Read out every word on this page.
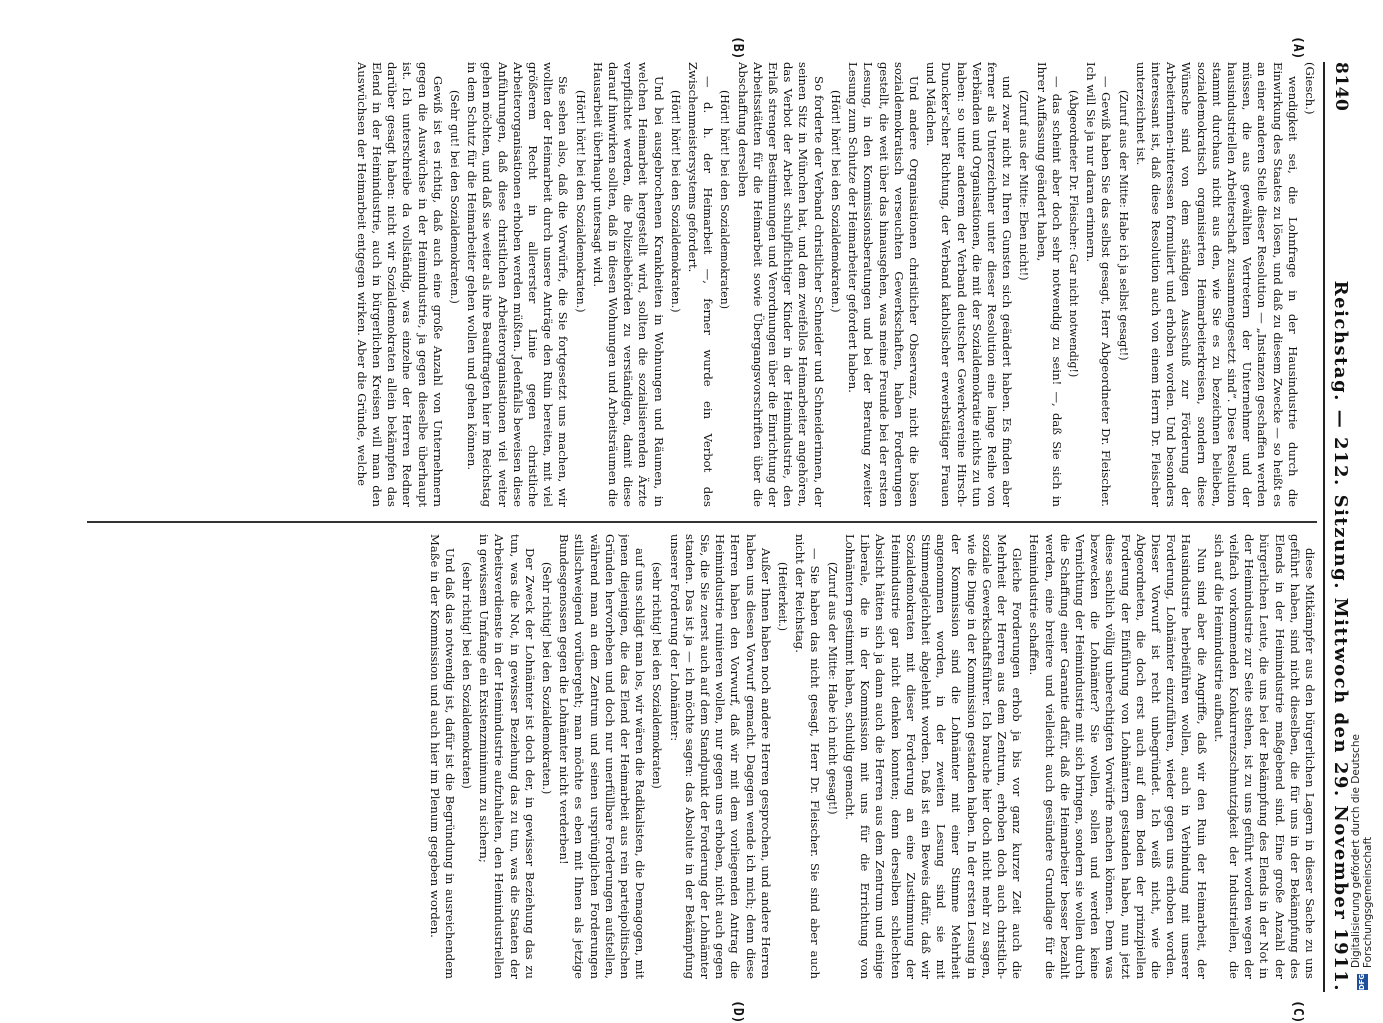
8140
Reichstag. — 212. Sitzung. Mittwoch den 29. November 1911.
(A)
(B)
(C)
(D)

(Giesch.)

wendigkeit sei, die Lohnfrage in der Hausindustrie durch die Einwirkung des Staates zu lösen, und daß zu diesem Zwecke — so heißt es an einer anderen Stelle dieser Resolution — „Instanzen geschaffen werden müssen, die aus gewählten Vertretern der Unternehmer und der hausindustriellen Arbeiterschaft zusammengesetzt sind“. Diese Resolution stammt durchaus nicht aus den, wie Sie es zu bezeichnen belieben, sozialdemokratisch organisierten Heimarbeiterkreisen, sondern diese Wünsche sind von dem ständigen Ausschuß zur Förderung der Arbeiterinnen-interessen formuliert und erhoben worden. Und besonders interessant ist, daß diese Resolution auch von einem Herrn Dr. Fleischer unterzeichnet ist.

(Zuruf aus der Mitte: Habe ich ja selbst gesagt!)

— Gewiß haben Sie das selbst gesagt, Herr Abgeordneter Dr. Fleischer. Ich will Sie ja nur daran erinnern.

(Abgeordneter Dr. Fleischer: Gar nicht notwendig!)

— das scheint aber doch sehr notwendig zu sein! —, daß Sie sich in Ihrer Auffassung geändert haben,

(Zuruf aus der Mitte: Eben nicht!)

und zwar nicht zu Ihren Gunsten sich geändert haben. Es finden aber ferner als Unterzeichner unter dieser Resolution eine lange Reihe von Verbänden und Organisationen, die mit der Sozialdemokratie nichts zu tun haben: so unter anderem der Verband deutscher Gewerkvereine Hirsch-Duncker'scher Richtung, der Verband katholischer erwerbstätiger Frauen und Mädchen.

Und andere Organisationen christlicher Observanz, nicht die bösen sozialdemokratisch verseuchten Gewerkschaften, haben Forderungen gestellt, die weit über das hinausgehen, was meine Freunde bei der ersten Lesung, in den Kommissionsberatungen und bei der Beratung zweiter Lesung zum Schutze der Heimarbeiter gefordert haben.

(Hört! hört! bei den Sozialdemokraten.)

So forderte der Verband christlicher Schneider und Schneiderinnen, der seinen Sitz in München hat, und dem zweifellos Heimarbeiter angehören, das Verbot der Arbeit schulpflichtiger Kinder in der Heimindustrie, den Erlaß strenger Bestimmungen und Verordnungen über die Einrichtung der Arbeitsstätten für die Heimarbeit sowie Übergangsvorschriften über die Abschaffung derselben

(Hört! hört! bei den Sozialdemokraten)

— d. h. der Heimarbeit —, ferner wurde ein Verbot des Zwischenmeistersystems gefordert.

(Hört! hört! bei den Sozialdemokraten.)

Und bei ausgebrochenen Krankheiten in Wohnungen und Räumen, in welchen Heimarbeit hergestellt wird, sollten die sozialisierenden Ärzte verpflichtet werden, die Polizeibehörden zu verständigen, damit diese darauf hinwirken sollten, daß in diesen Wohnungen und Arbeitsräumen die Hausarbeit überhaupt untersagt wird.

(Hört! hört! bei den Sozialdemokraten.)

Sie sehen also, daß die Vorwürfe, die Sie fortgesetzt uns machen, wir wollten der Heimarbeit durch unsere Anträge den Ruin bereiten, mit viel größerem Recht in allererster Linie gegen christliche Arbeiterorganisationen erhoben werden müßten. Jedenfalls beweisen diese Anführungen, daß diese christlichen Arbeiterorganisationen viel weiter gehen möchten, und daß sie weiter als ihre Beauftragten hier im Reichstag in dem Schutz für die Heimarbeiter gehen wollen und gehen können.

(Sehr gut! bei den Sozialdemokraten.)

Gewiß ist es richtig, daß auch eine große Anzahl von Unternehmern gegen die Auswüchse in der Heimindustrie, ja gegen dieselbe überhaupt ist. Ich unterschreibe da vollständig, was einzelne der Herren Redner darüber gesagt haben: nicht wir Sozialdemokraten allein bekämpfen das Elend in der Heimindustrie, auch in bürgerlichen Kreisen will man den Auswüchsen der Heimarbeit entgegen wirken. Aber die Gründe, welche

diese Mitkämpfer aus den bürgerlichen Lagern in dieser Sache zu uns geführt haben, sind nicht dieselben, die für uns in der Bekämpfung des Elends in der Heimindustrie maßgebend sind. Eine große Anzahl der bürgerlichen Leute, die uns bei der Bekämpfung des Elends in der Not in der Heimindustrie zur Seite stehen, ist zu uns geführt worden wegen der vielfach vorkommenden Konkurrenzschmutzigkeit der Industriellen, die sich auf die Heimindustrie aufbaut.

Nun sind aber die Angriffe, daß wir den Ruin der Heimarbeit, der Hausindustrie herbeiführen wollen, auch in Verbindung mit unserer Forderung, Lohnämter einzuführen, wieder gegen uns erhoben worden. Dieser Vorwurf ist recht unbegründet. Ich weiß nicht, wie die Abgeordneten, die doch erst auch auf dem Boden der prinzipiellen Forderung der Einführung von Lohnämtern gestanden haben, nun jetzt diese sachlich völlig unberechtigten Vorwürfe machen können. Denn was bezwecken die Lohnämter? Sie wollen, sollen und werden keine Vernichtung der Heimindustrie mit sich bringen, sondern sie wollen durch die Schaffung einer Garantie dafür, daß die Heimarbeiter besser bezahlt werden, eine breitere und vielleicht auch gesündere Grundlage für die Heimindustrie schaffen.

Gleiche Forderungen erhob ja bis vor ganz kurzer Zeit auch die Mehrheit der Herren aus dem Zentrum, erhoben doch auch christlich-soziale Gewerkschaftsführer. Ich brauche hier doch nicht mehr zu sagen, wie die Dinge in der Kommission gestanden haben. In der ersten Lesung in der Kommission sind die Lohnämter mit einer Stimme Mehrheit angenommen worden, in der zweiten Lesung sind sie mit Stimmengleichheit abgelehnt worden. Daß ist ein Beweis dafür, daß wir Sozialdemokraten mit dieser Forderung an eine Zustimmung der Heimindustrie gar nicht denken konnten; denn derselben schlechten Absicht hätten sich ja dann auch die Herren aus dem Zentrum und einige Liberale, die in der Kommission mit uns für die Errichtung von Lohnämtern gestimmt haben, schuldig gemacht.

(Zuruf aus der Mitte: Habe ich nicht gesagt!)

— Sie haben das nicht gesagt, Herr Dr. Fleischer. Sie sind aber auch nicht der Reichstag.

(Heiterkeit.)

Außer Ihnen haben noch andere Herren gesprochen, und andere Herren haben uns diesen Vorwurf gemacht. Dagegen wende ich mich; denn diese Herren haben den Vorwurf, daß wir mit dem vorliegenden Antrag die Heimindustrie ruinieren wollen, nur gegen uns erhoben, nicht auch gegen Sie, die Sie zuerst auch auf dem Standpunkt der Forderung der Lohnämter standen. Das ist ja — ich möchte sagen: das Absolute in der Bekämpfung unserer Forderung der Lohnämter:

(sehr richtig! bei den Sozialdemokraten)

auf uns schlägt man los, wir wären die Radikalisten, die Demagogen, mit jenen diejenigen, die das Elend der Heimarbeit aus rein parteipolitischen Gründen hervorheben und doch nur unerfüllbare Forderungen aufstellen, während man an dem Zentrum und seinen ursprünglichen Forderungen stillschweigend vorübergeht; man möchte es eben mit Ihnen als jetzige Bundesgenossen gegen die Lohnämter nicht verderben!

(Sehr richtig! bei den Sozialdemokraten.)

Der Zweck der Lohnämter ist doch der, in gewisser Beziehung das zu tun, was die Not, in gewisser Beziehung das zu tun, was die Staaten der Arbeitsverdienste in der Heimindustrie aufzuhalten, den Heimindustriellen in gewissem Umfange ein Existenzminimum zu sichern;

(sehr richtig! bei den Sozialdemokraten)

Und daß das notwendig ist, dafür ist die Begründung in ausreichendem Maße in der Kommission und auch hier im Plenum gegeben worden.

DFG
Digitalisierung gefördert durch die Deutsche Forschungsgemeinschaft
